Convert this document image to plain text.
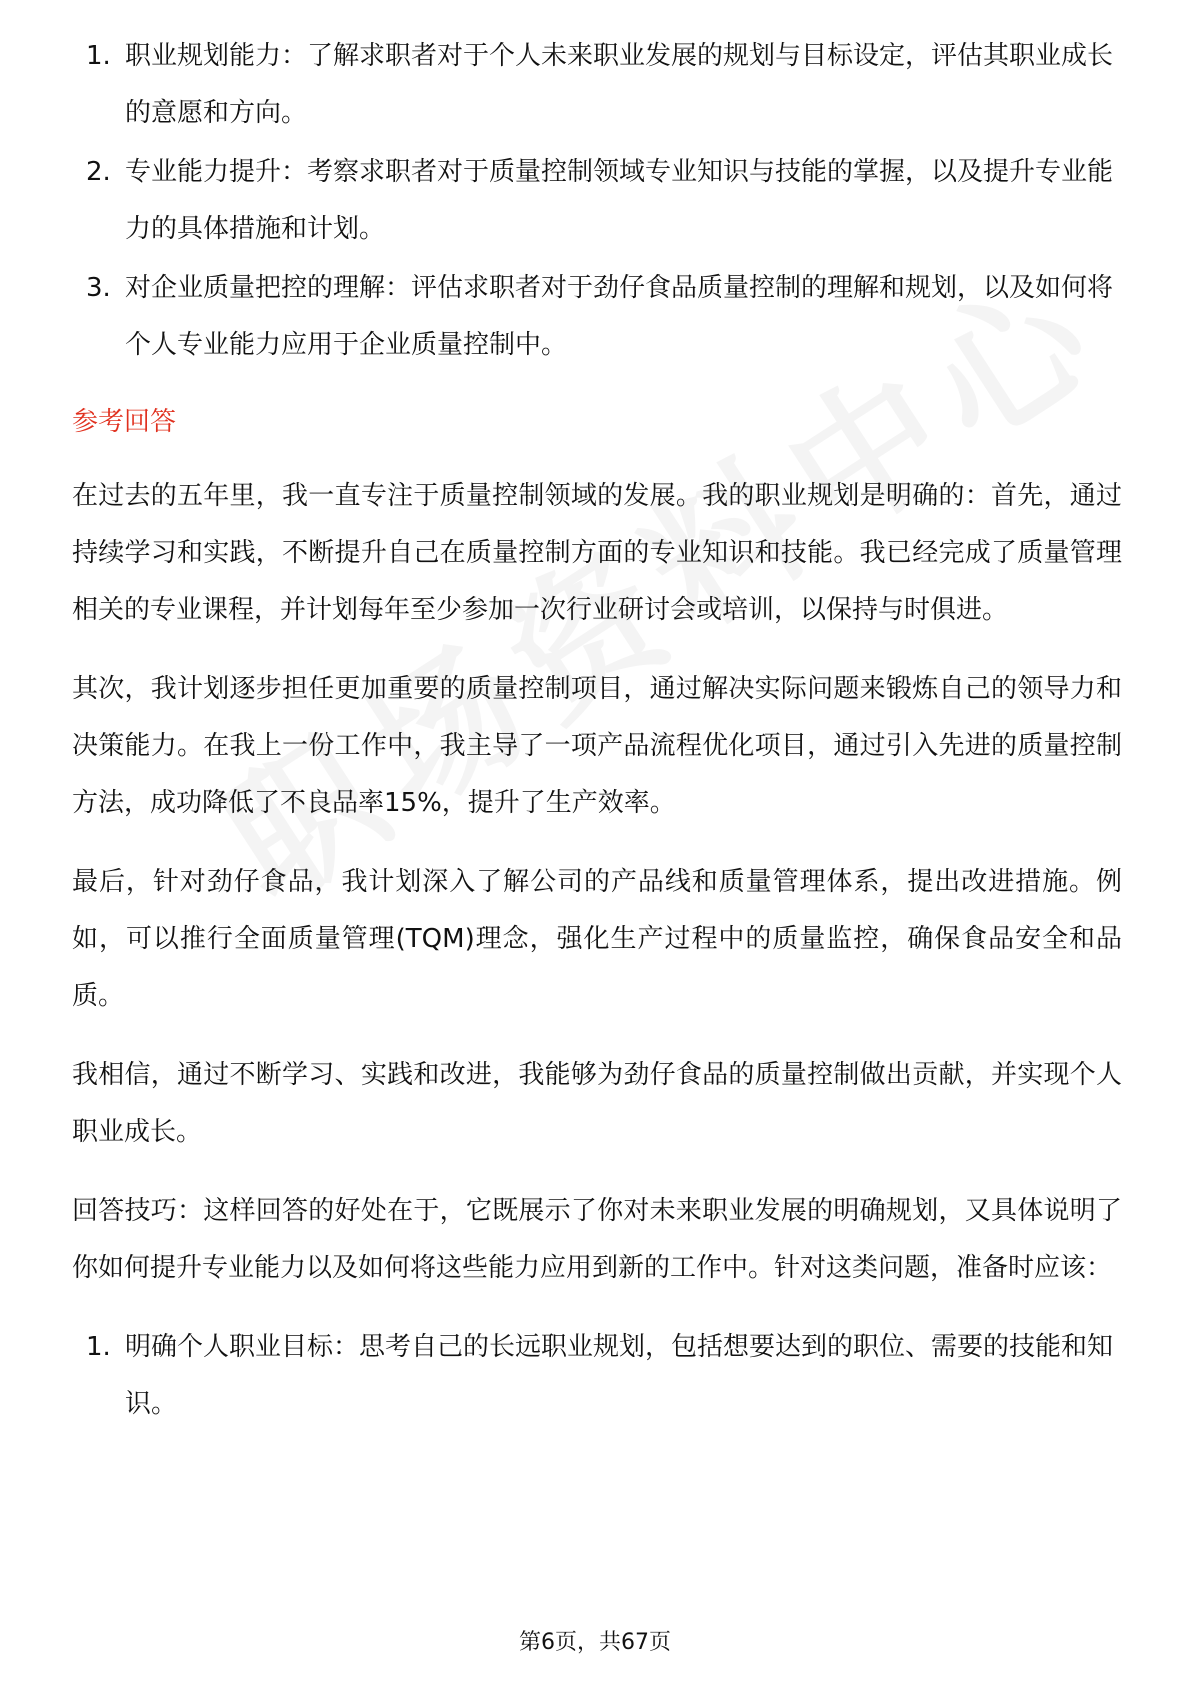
1. 职业规划能力：了解求职者对于个人未来职业发展的规划与目标设定，评估其职业成长的意愿和方向。
2. 专业能力提升：考察求职者对于质量控制领域专业知识与技能的掌握，以及提升专业能力的具体措施和计划。
3. 对企业质量把控的理解：评估求职者对于劲仔食品质量控制的理解和规划，以及如何将个人专业能力应用于企业质量控制中。
参考回答

在过去的五年里，我一直专注于质量控制领域的发展。我的职业规划是明确的：首先，通过持续学习和实践，不断提升自己在质量控制方面的专业知识和技能。我已经完成了质量管理相关的专业课程，并计划每年至少参加一次行业研讨会或培训，以保持与时俱进。

其次，我计划逐步担任更加重要的质量控制项目，通过解决实际问题来锻炼自己的领导力和决策能力。在我上一份工作中，我主导了一项产品流程优化项目，通过引入先进的质量控制方法，成功降低了不良品率15%，提升了生产效率。

最后，针对劲仔食品，我计划深入了解公司的产品线和质量管理体系，提出改进措施。例如，可以推行全面质量管理(TQM)理念，强化生产过程中的质量监控，确保食品安全和品质。

我相信，通过不断学习、实践和改进，我能够为劲仔食品的质量控制做出贡献，并实现个人职业成长。

回答技巧：这样回答的好处在于，它既展示了你对未来职业发展的明确规划，又具体说明了你如何提升专业能力以及如何将这些能力应用到新的工作中。针对这类问题，准备时应该：

1. 明确个人职业目标：思考自己的长远职业规划，包括想要达到的职位、需要的技能和知识。
第6页，共67页
